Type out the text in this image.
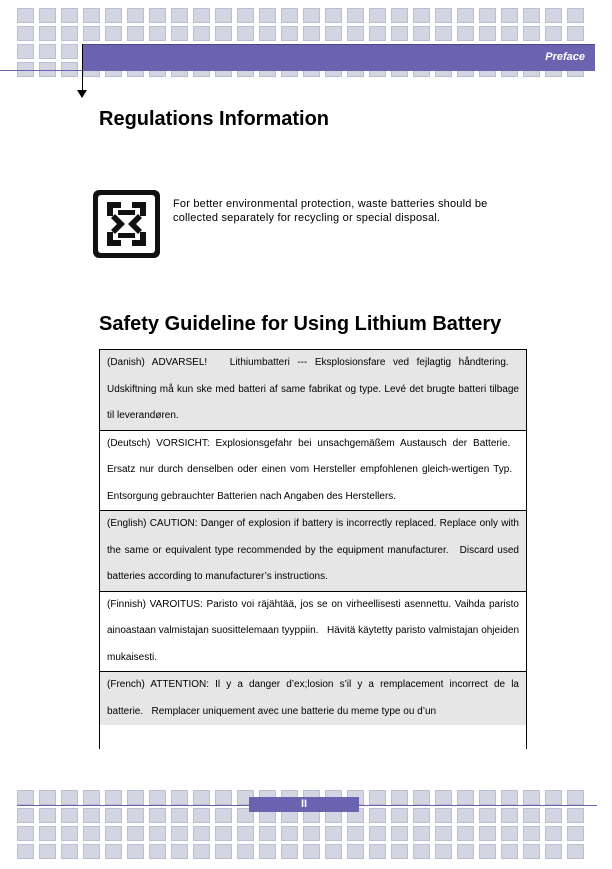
Preface
Regulations Information
For better environmental protection, waste batteries should be
collected separately for recycling or special disposal.
Safety Guideline for Using Lithium Battery
(Danish) ADVARSEL!   Lithiumbatteri --- Eksplosionsfare ved fejlagtig håndtering.   Udskiftning må kun ske med batteri af same fabrikat og type. Levé det brugte batteri tilbage til leverandøren.
(Deutsch) VORSICHT: Explosionsgefahr bei unsachgemäßem Austausch der Batterie.   Ersatz nur durch denselben oder einen vom Hersteller empfohlenen gleich-wertigen Typ.   Entsorgung gebrauchter Batterien nach Angaben des Herstellers.
(English) CAUTION: Danger of explosion if battery is incorrectly replaced. Replace only with the same or equivalent type recommended by the equipment manufacturer.   Discard used batteries according to manufacturer’s instructions.
(Finnish) VAROITUS: Paristo voi räjähtää, jos se on virheellisesti asennettu. Vaihda paristo ainoastaan valmistajan suosittelemaan tyyppiin.   Hävitä käytetty paristo valmistajan ohjeiden mukaisesti.
(French) ATTENTION: Il y a danger d’ex;losion s’il y a remplacement incorrect de la batterie.   Remplacer uniquement avec une batterie du meme type ou d’un
II
